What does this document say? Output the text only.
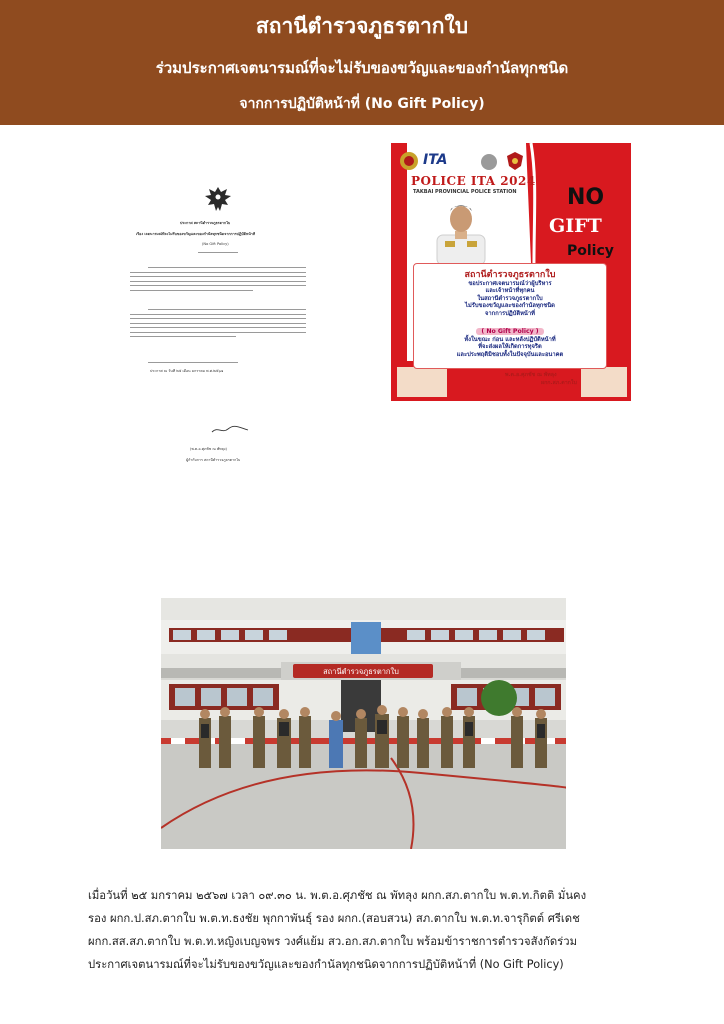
สถานีตำรวจภูธรตากใบ
ร่วมประกาศเจตนารมณ์ที่จะไม่รับของขวัญและของกำนัลทุกชนิด
จากการปฏิบัติหน้าที่ (No Gift Policy)
ประกาศ สถานีตำรวจภูธรตากใบ
เรื่อง เจตนารมณ์ที่จะไม่รับของขวัญและของกำนัลทุกชนิดจากการปฏิบัติหน้าที่
(No Gift Policy)
ประกาศ ณ วันที่ ๒๕ เดือน มกราคม พ.ศ.๒๕๖๗

(พ.ต.อ.ศุภชัช ณ พัทลุง)
ผู้กำกับการ สถานีตำรวจภูธรตากใบ
ITA
POLICE ITA 2024
TAKBAI PROVINCIAL POLICE STATION NO
GIFT
Policy
สถานีตำรวจภูธรตากใบ
ขอประกาศเจตนารมณ์ว่าผู้บริหาร
และเจ้าหน้าที่ทุกคน
ในสถานีตำรวจภูธรตากใบ
ไม่รับของขวัญและของกำนัลทุกชนิด
จากการปฏิบัติหน้าที่
( No Gift Policy )
ทั้งในขณะ ก่อน และหลังปฏิบัติหน้าที่
ที่จะส่งผลให้เกิดการทุจริต
และประพฤติมิชอบทั้งในปัจจุบันและอนาคต
พ.ต.อ.ศุภชัช ณ พัทลุง
ผกก.สภ.ตากใบ
สถานีตำรวจภูธรตากใบ
เมื่อวันที่ ๒๕ มกราคม ๒๕๖๗ เวลา ๐๙.๓๐ น. พ.ต.อ.ศุภชัช ณ พัทลุง ผกก.สภ.ตากใบ พ.ต.ท.กิตติ มั่นคง
รอง ผกก.ป.สภ.ตากใบ พ.ต.ท.ธงชัย พุกกาพันธุ์ รอง ผกก.(สอบสวน) สภ.ตากใบ พ.ต.ท.จารุกิตต์ ศรีเดช
ผกก.สส.สภ.ตากใบ พ.ต.ท.หญิงเบญจพร วงศ์แย้ม สว.อก.สภ.ตากใบ พร้อมข้าราชการตำรวจสังกัดร่วม
ประกาศเจตนารมณ์ที่จะไม่รับของขวัญและของกำนัลทุกชนิดจากการปฏิบัติหน้าที่ (No Gift Policy)
